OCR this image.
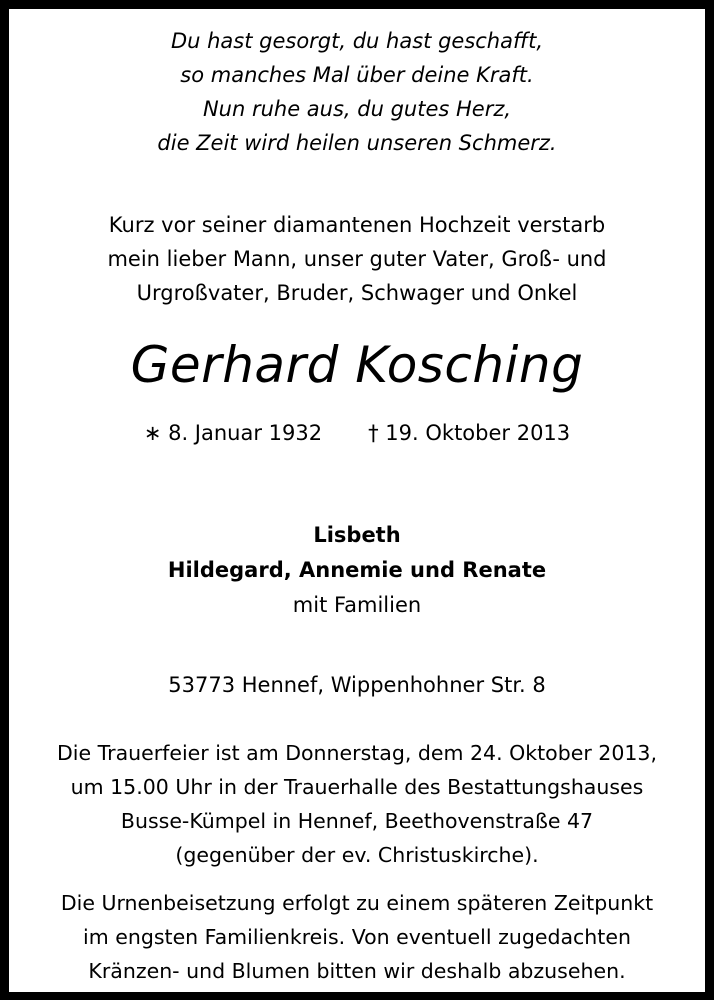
Du hast gesorgt, du hast geschafft,
so manches Mal über deine Kraft.
Nun ruhe aus, du gutes Herz,
die Zeit wird heilen unseren Schmerz.
Kurz vor seiner diamantenen Hochzeit verstarb
mein lieber Mann, unser guter Vater, Groß- und
Urgroßvater, Bruder, Schwager und Onkel
Gerhard Kosching
∗ 8. Januar 1932 † 19. Oktober 2013
Lisbeth
Hildegard, Annemie und Renate
mit Familien
53773 Hennef, Wippenhohner Str. 8
Die Trauerfeier ist am Donnerstag, dem 24. Oktober 2013,
um 15.00 Uhr in der Trauerhalle des Bestattungshauses
Busse-Kümpel in Hennef, Beethovenstraße 47
(gegenüber der ev. Christuskirche).
Die Urnenbeisetzung erfolgt zu einem späteren Zeitpunkt
im engsten Familienkreis. Von eventuell zugedachten
Kränzen- und Blumen bitten wir deshalb abzusehen.
